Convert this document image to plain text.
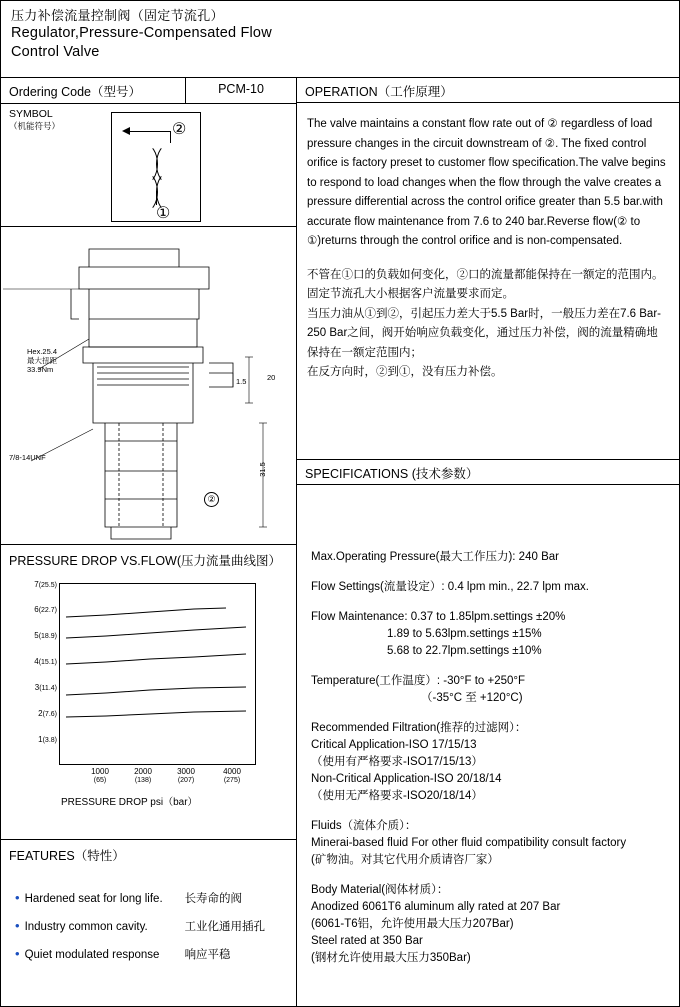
压力补偿流量控制阀（固定节流孔）
Regulator,Pressure-Compensated Flow
Control Valve
Ordering Code（型号）	PCM-10
SYMBOL
（机能符号）	②
①
Hex.25.4
最大扭距
33.9Nm
7/8-14UNF
20
1.5
31.5
②
PRESSURE DROP VS.FLOW(压力流量曲线图）
7(25.5)
6(22.7)
5(18.9)
4(15.1)
3(11.4)
2(7.6)
1(3.8)
1000
(65)
2000
(138)
3000
(207)
4000
(275)
PRESSURE DROP psi（bar）
FEATURES（特性）
• Hardened seat for long life.	长寿命的阀
• Industry common cavity.	工业化通用插孔
• Quiet modulated response	响应平稳
OPERATION（工作原理）

The valve maintains a constant flow rate out of ② regardless of load pressure changes in the circuit downstream of ②. The fixed control orifice is factory preset to customer flow specification.The valve begins to respond to load changes when the flow through the valve creates a pressure differential across the control orifice greater than 5.5 bar.with accurate flow maintenance from 7.6 to 240 bar.Reverse flow(② to ①)returns through the control orifice and is non-compensated.

不管在①口的负载如何变化，②口的流量都能保持在一额定的范围内。

固定节流孔大小根据客户流量要求而定。

当压力油从①到②，引起压力差大于5.5 Bar时，一般压力差在7.6 Bar-

250 Bar之间，阀开始响应负载变化，通过压力补偿，阀的流量精确地

保持在一额定范围内；

在反方向时，②到①，没有压力补偿。

SPECIFICATIONS (技术参数）
Max.Operating Pressure(最大工作压力): 240 Bar
Flow Settings(流量设定）: 0.4 lpm min., 22.7 lpm max.
Flow Maintenance: 0.37 to 1.85lpm.settings ±20%
1.89 to 5.63lpm.settings ±15%
5.68 to 22.7lpm.settings ±10%
Temperature(工作温度）: -30°F to +250°F
（-35°C 至 +120°C)
Recommended Filtration(推荐的过滤网）：
Critical Application-ISO 17/15/13
（使用有严格要求-ISO17/15/13）
Non-Critical Application-ISO 20/18/14
（使用无严格要求-ISO20/18/14）
Fluids（流体介质）：
Minerai-based fluid For other fluid compatibility consult factory
(矿物油。对其它代用介质请咨厂家）
Body Material(阀体材质）：
Anodized 6061T6 aluminum ally rated at 207 Bar
(6061-T6铝，允许使用最大压力207Bar)
Steel rated at 350 Bar
(钢材允许使用最大压力350Bar)
